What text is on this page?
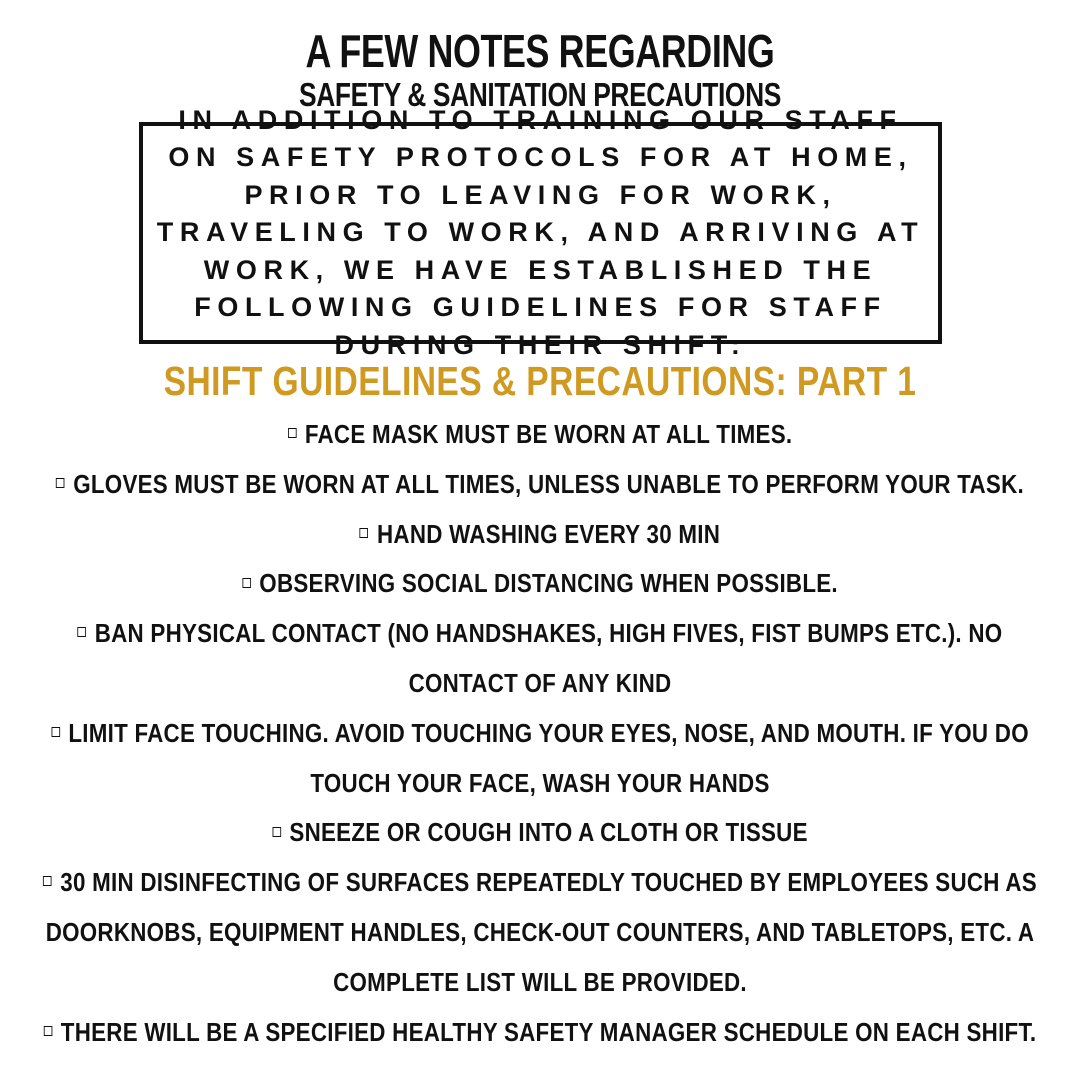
A FEW NOTES REGARDING
SAFETY & SANITATION PRECAUTIONS
IN ADDITION TO TRAINING OUR STAFF ON SAFETY PROTOCOLS FOR AT HOME, PRIOR TO LEAVING FOR WORK, TRAVELING TO WORK, AND ARRIVING AT WORK, WE HAVE ESTABLISHED THE FOLLOWING GUIDELINES FOR STAFF DURING THEIR SHIFT:
SHIFT GUIDELINES & PRECAUTIONS: PART 1
FACE MASK MUST BE WORN AT ALL TIMES.
GLOVES MUST BE WORN AT ALL TIMES, UNLESS UNABLE TO PERFORM YOUR TASK.
HAND WASHING EVERY 30 MIN
OBSERVING SOCIAL DISTANCING WHEN POSSIBLE.
BAN PHYSICAL CONTACT (NO HANDSHAKES, HIGH FIVES, FIST BUMPS ETC.). NO CONTACT OF ANY KIND
LIMIT FACE TOUCHING. AVOID TOUCHING YOUR EYES, NOSE, AND MOUTH. IF YOU DO TOUCH YOUR FACE, WASH YOUR HANDS
SNEEZE OR COUGH INTO A CLOTH OR TISSUE
30 MIN DISINFECTING OF SURFACES REPEATEDLY TOUCHED BY EMPLOYEES SUCH AS DOORKNOBS, EQUIPMENT HANDLES, CHECK-OUT COUNTERS, AND TABLETOPS, ETC. A COMPLETE LIST WILL BE PROVIDED.
THERE WILL BE A SPECIFIED HEALTHY SAFETY MANAGER SCHEDULE ON EACH SHIFT.
